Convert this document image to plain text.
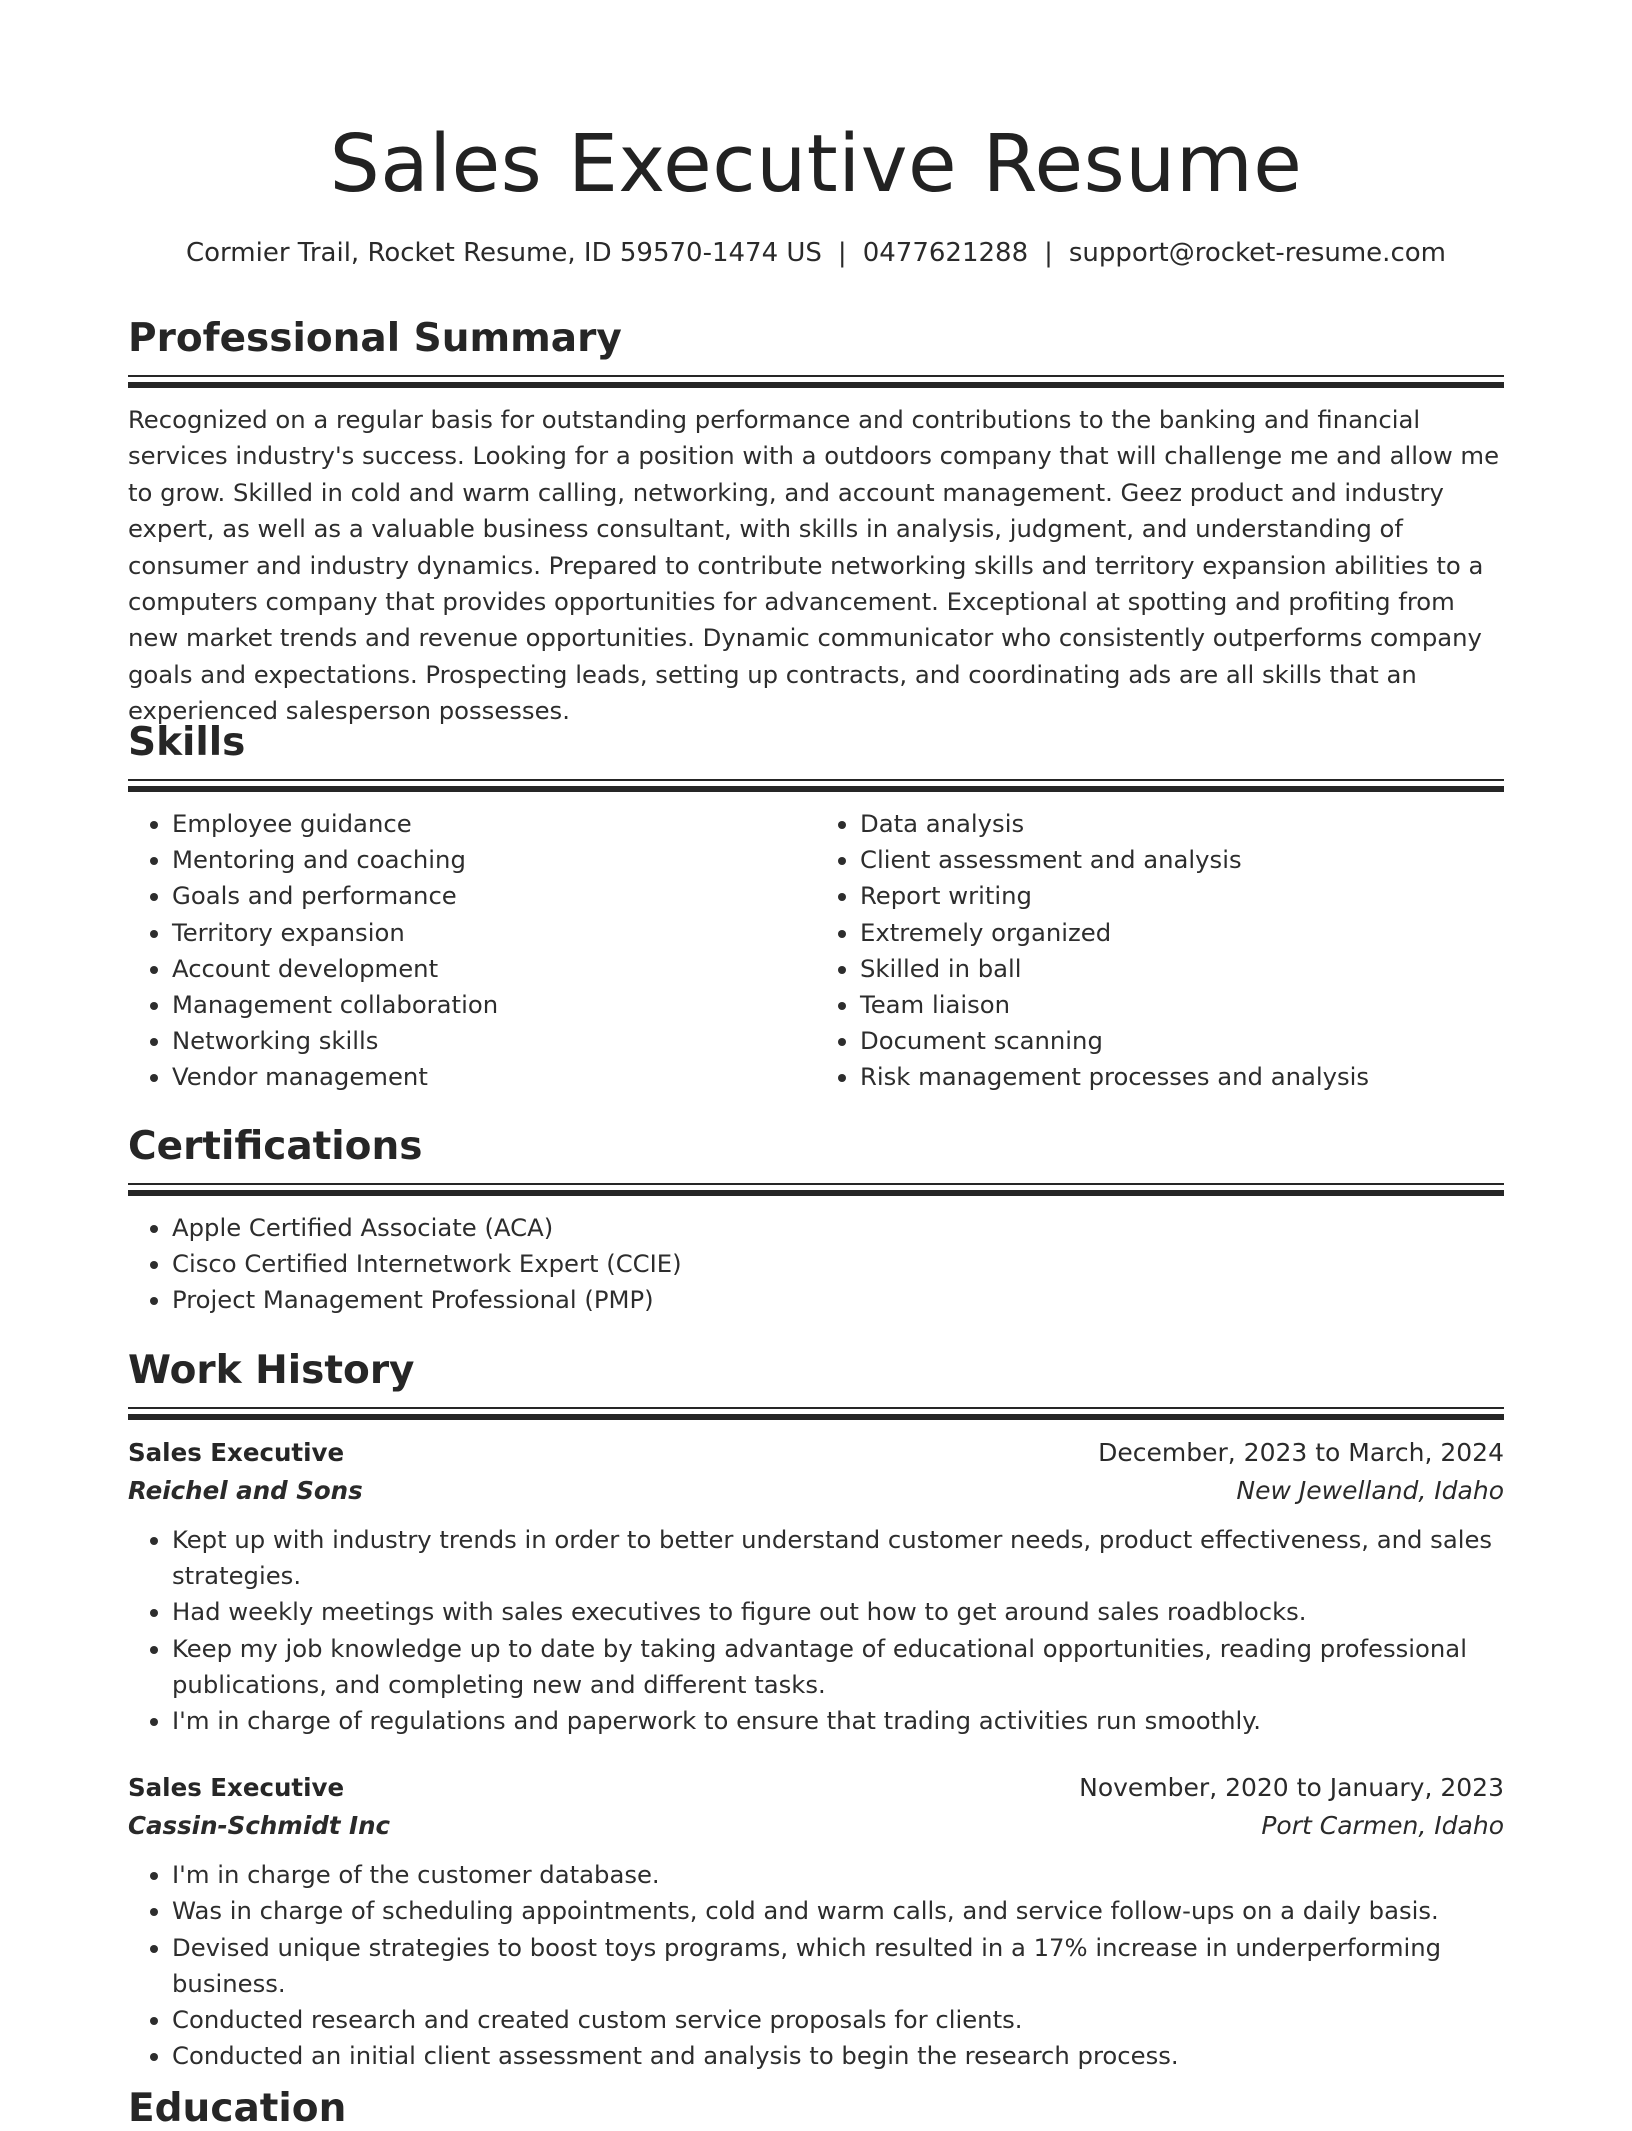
Sales Executive Resume
Cormier Trail, Rocket Resume, ID 59570-1474 US | 0477621288 | support@rocket-resume.com
Professional Summary
Recognized on a regular basis for outstanding performance and contributions to the banking and financial services industry's success. Looking for a position with a outdoors company that will challenge me and allow me to grow. Skilled in cold and warm calling, networking, and account management. Geez product and industry expert, as well as a valuable business consultant, with skills in analysis, judgment, and understanding of consumer and industry dynamics. Prepared to contribute networking skills and territory expansion abilities to a computers company that provides opportunities for advancement. Exceptional at spotting and profiting from new market trends and revenue opportunities. Dynamic communicator who consistently outperforms company goals and expectations. Prospecting leads, setting up contracts, and coordinating ads are all skills that an experienced salesperson possesses.
Skills
• Employee guidance
• Mentoring and coaching
• Goals and performance
• Territory expansion
• Account development
• Management collaboration
• Networking skills
• Vendor management
• Data analysis
• Client assessment and analysis
• Report writing
• Extremely organized
• Skilled in ball
• Team liaison
• Document scanning
• Risk management processes and analysis
Certifications
• Apple Certified Associate (ACA)
• Cisco Certified Internetwork Expert (CCIE)
• Project Management Professional (PMP)
Work History
Sales Executive	December, 2023 to March, 2024
Reichel and Sons	New Jewelland, Idaho
• Kept up with industry trends in order to better understand customer needs, product effectiveness, and sales strategies.
• Had weekly meetings with sales executives to figure out how to get around sales roadblocks.
• Keep my job knowledge up to date by taking advantage of educational opportunities, reading professional publications, and completing new and different tasks.
• I'm in charge of regulations and paperwork to ensure that trading activities run smoothly.
Sales Executive	November, 2020 to January, 2023
Cassin-Schmidt Inc	Port Carmen, Idaho
• I'm in charge of the customer database.
• Was in charge of scheduling appointments, cold and warm calls, and service follow-ups on a daily basis.
• Devised unique strategies to boost toys programs, which resulted in a 17% increase in underperforming business.
• Conducted research and created custom service proposals for clients.
• Conducted an initial client assessment and analysis to begin the research process.
Education
